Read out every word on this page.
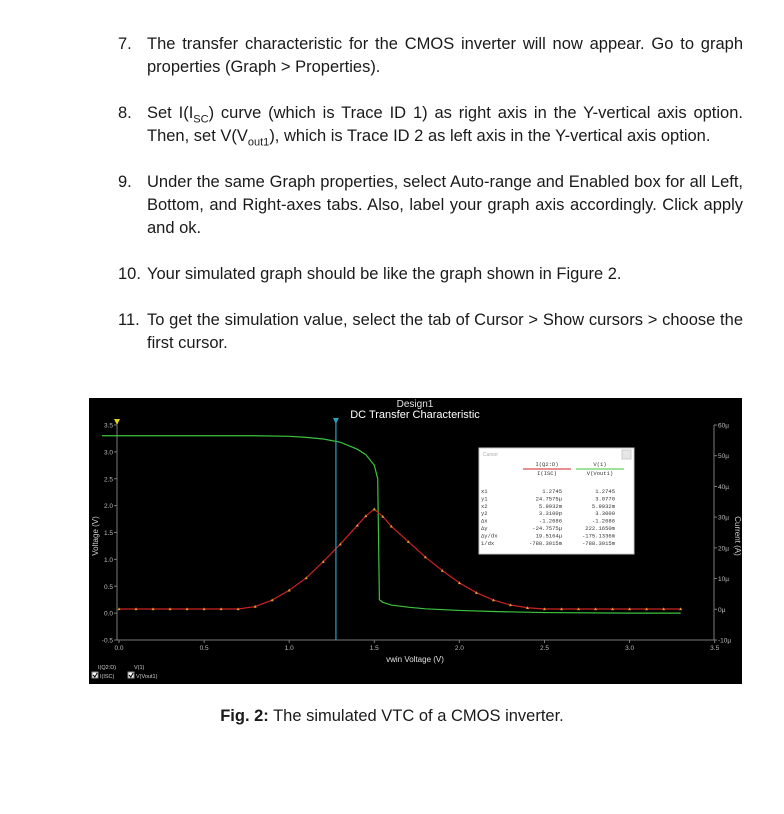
7. The transfer characteristic for the CMOS inverter will now appear. Go to graph properties (Graph > Properties).
8. Set $I(I_{SC})$ curve (which is Trace ID 1) as right axis in the Y-vertical axis option. Then, set $V(V_{out1})$, which is Trace ID 2 as left axis in the Y-vertical axis option.
9. Under the same Graph properties, select Auto-range and Enabled box for all Left, Bottom, and Right-axes tabs. Also, label your graph axis accordingly. Click apply and ok.
10. Your simulated graph should be like the graph shown in Figure 2.
11. To get the simulation value, select the tab of Cursor > Show cursors > choose the first cursor.
Design1
DC Transfer Characteristic
vwin Voltage (V)
Voltage (V)	Current (A)
3.5
3.0
2.5
2.0
1.5
1.0
0.5
0.0
-0.5
60µ
50µ
40µ
30µ
20µ
10µ
0µ
-10µ
0.0	0.5	1.0	1.5	2.0	2.5	3.0	3.5
Cursor
I(Q2:D)
I(ISC)
V(1)
V(Vout1)
x1	1.2745	1.2745
y1	24.7575µ	3.0770
x2	5.9932m	5.9932m
y2	3.3100p	3.3000
Δx	-1.2686	-1.2686
Δy	-24.7575µ	222.1650m
Δy/dx	19.5164µ	-175.1336m
1/dx	-788.3015m	-788.3015m
I(Q2:D)
I(ISC)
V(1)
V(Vout1)
Fig. 2: The simulated VTC of a CMOS inverter.
